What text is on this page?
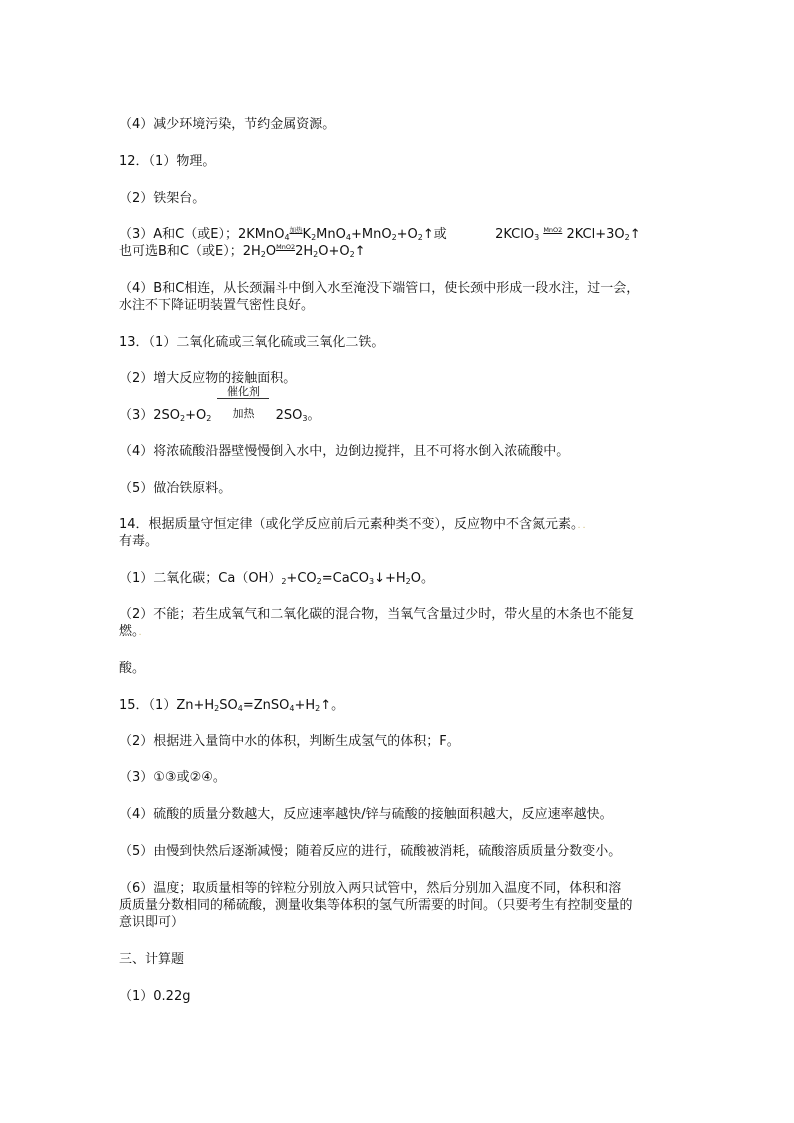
（4）减少环境污染，节约金属资源。
12．（1）物理。
（2）铁架台。
（3）A和C（或E）；$2KMnO_4^{加热}K_2MnO_4+MnO_2+O_2↑$或	2KClO$_3$ $^{MnO2}$ $2KCl+3O_2↑$
也可选B和C（或E）；$2H_2O^{MnO2}2H_2O+O_2↑$
（4）B和C相连，从长颈漏斗中倒入水至淹没下端管口，使长颈中形成一段水注，过一会，
水注不下降证明装置气密性良好。
13．（1）二氧化硫或三氧化硫或三氧化二铁。
（2）增大反应物的接触面积。
$(3)2SO_2+O_2$
催化剂
加热 $2SO_3$。
（4）将浓硫酸沿器壁慢慢倒入水中，边倒边搅拌，且不可将水倒入浓硫酸中。
（5）做冶铁原料。
14．根据质量守恒定律（或化学反应前后元素种类不变），反应物中不含氮元素。．．
有毒。
（1）二氧化碳；$Ca(OH)_2+CO_2=CaCO_3↓+H_2O$。
（2）不能；若生成氧气和二氧化碳的混合物，当氧气含量过少时，带火星的木条也不能复
燃。．
酸。
15．$(1)Zn+H_2SO_4=ZnSO_4+H_2↑$。
（2）根据进入量筒中水的体积，判断生成氢气的体积；F。
（3）①③或②④。
（4）硫酸的质量分数越大，反应速率越快/锌与硫酸的接触面积越大，反应速率越快。
（5）由慢到快然后逐渐减慢；随着反应的进行，硫酸被消耗，硫酸溶质质量分数变小。
（6）温度；取质量相等的锌粒分别放入两只试管中，然后分别加入温度不同，体积和溶
质质量分数相同的稀硫酸，测量收集等体积的氢气所需要的时间。（只要考生有控制变量的
意识即可）
三、计算题
（1）0.22g
